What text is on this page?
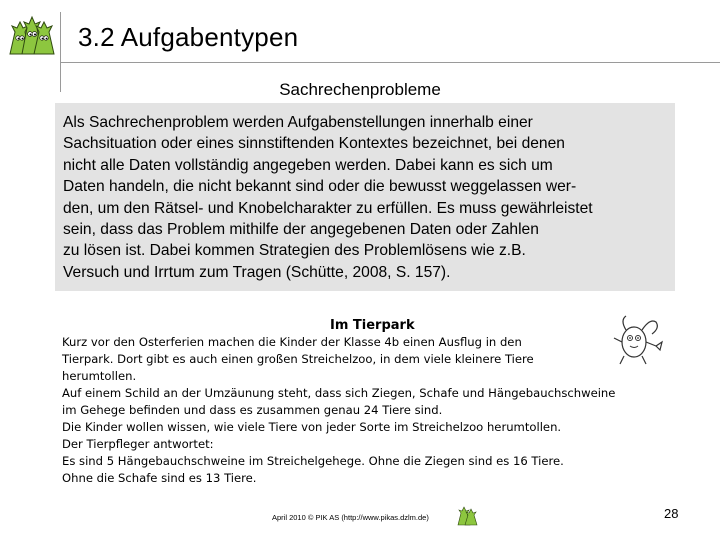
3.2 Aufgabentypen
Sachrechenprobleme
Als Sachrechenproblem werden Aufgabenstellungen innerhalb einer
Sachsituation oder eines sinnstiftenden Kontextes bezeichnet, bei denen
nicht alle Daten vollständig angegeben werden. Dabei kann es sich um
Daten handeln, die nicht bekannt sind oder die bewusst weggelassen wer-
den, um den Rätsel- und Knobelcharakter zu erfüllen. Es muss gewährleistet
sein, dass das Problem mithilfe der angegebenen Daten oder Zahlen
zu lösen ist. Dabei kommen Strategien des Problemlösens wie z.B.
Versuch und Irrtum zum Tragen (Schütte, 2008, S. 157).
Im Tierpark
Kurz vor den Osterferien machen die Kinder der Klasse 4b einen Ausflug in den
Tierpark. Dort gibt es auch einen großen Streichelzoo, in dem viele kleinere Tiere
herumtollen.
Auf einem Schild an der Umzäunung steht, dass sich Ziegen, Schafe und Hängebauchschweine
im Gehege befinden und dass es zusammen genau 24 Tiere sind.
Die Kinder wollen wissen, wie viele Tiere von jeder Sorte im Streichelzoo herumtollen.
Der Tierpfleger antwortet:
Es sind 5 Hängebauchschweine im Streichelgehege. Ohne die Ziegen sind es 16 Tiere.
Ohne die Schafe sind es 13 Tiere.
April 2010 © PIK AS (http://www.pikas.dzlm.de)	28
